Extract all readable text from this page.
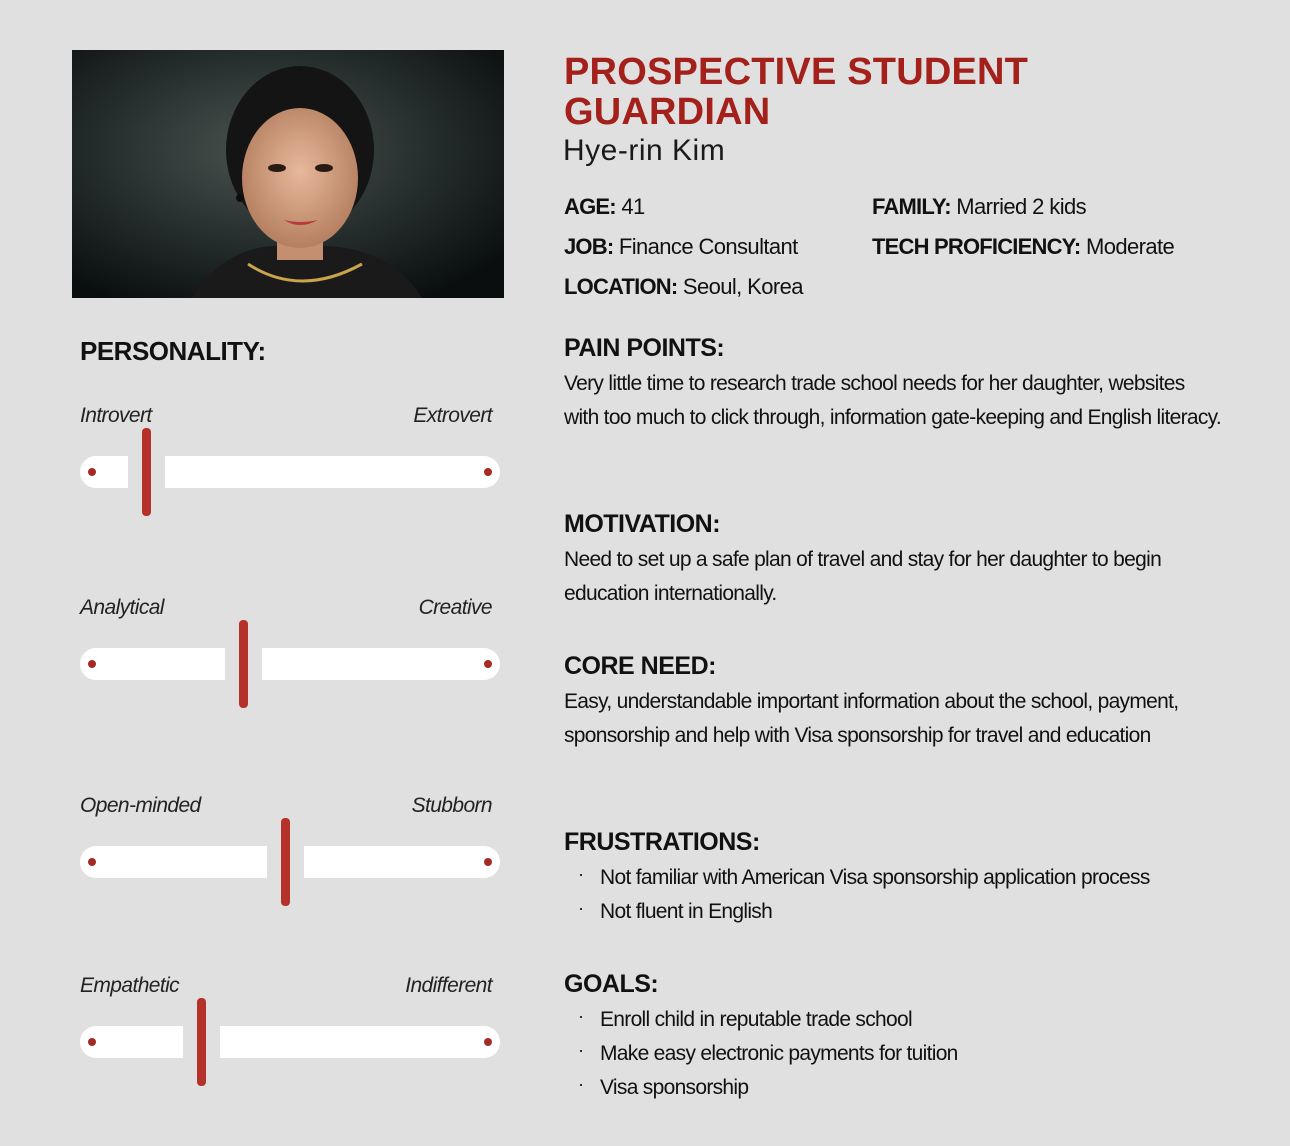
PERSONALITY:
Introvert	Extrovert
Analytical	Creative
Open-minded	Stubborn
Empathetic	Indifferent
PROSPECTIVE STUDENT GUARDIAN
Hye-rin Kim
AGE: 41
JOB: Finance Consultant
LOCATION: Seoul, Korea
FAMILY: Married 2 kids
TECH PROFICIENCY: Moderate
PAIN POINTS:
Very little time to research trade school needs for her daughter, websites with too much to click through, information gate-keeping and English literacy.
MOTIVATION:
Need to set up a safe plan of travel and stay for her daughter to begin education internationally.
CORE NEED:
Easy, understandable important information about the school, payment, sponsorship and help with Visa sponsorship for travel and education
FRUSTRATIONS:
· Not familiar with American Visa sponsorship application process
· Not fluent in English
GOALS:
· Enroll child in reputable trade school
· Make easy electronic payments for tuition
· Visa sponsorship
